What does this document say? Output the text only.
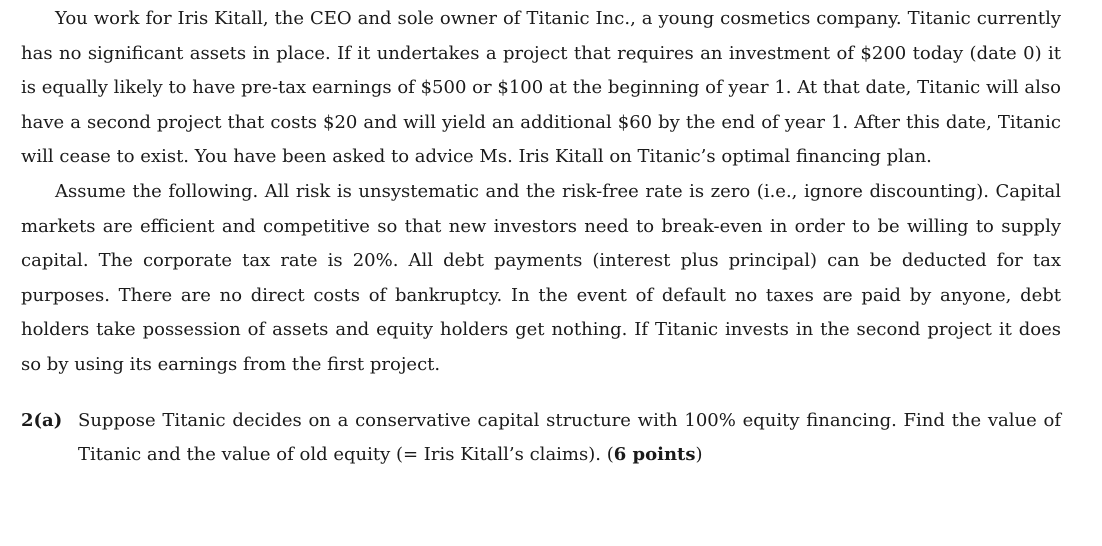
You work for Iris Kitall, the CEO and sole owner of Titanic Inc., a young cosmetics company. Titanic currently has no significant assets in place. If it undertakes a project that requires an investment of $200 today (date 0) it is equally likely to have pre-tax earnings of $500 or $100 at the beginning of year 1. At that date, Titanic will also have a second project that costs $20 and will yield an additional $60 by the end of year 1. After this date, Titanic will cease to exist. You have been asked to advice Ms. Iris Kitall on Titanic’s optimal financing plan.

Assume the following. All risk is unsystematic and the risk-free rate is zero (i.e., ignore discounting). Capital markets are efficient and competitive so that new investors need to break-even in order to be willing to supply capital. The corporate tax rate is 20%. All debt payments (interest plus principal) can be deducted for tax purposes. There are no direct costs of bankruptcy. In the event of default no taxes are paid by anyone, debt holders take possession of assets and equity holders get nothing. If Titanic invests in the second project it does so by using its earnings from the first project.

2(a) Suppose Titanic decides on a conservative capital structure with 100% equity financing. Find the value of Titanic and the value of old equity (= Iris Kitall’s claims). (6 points)
